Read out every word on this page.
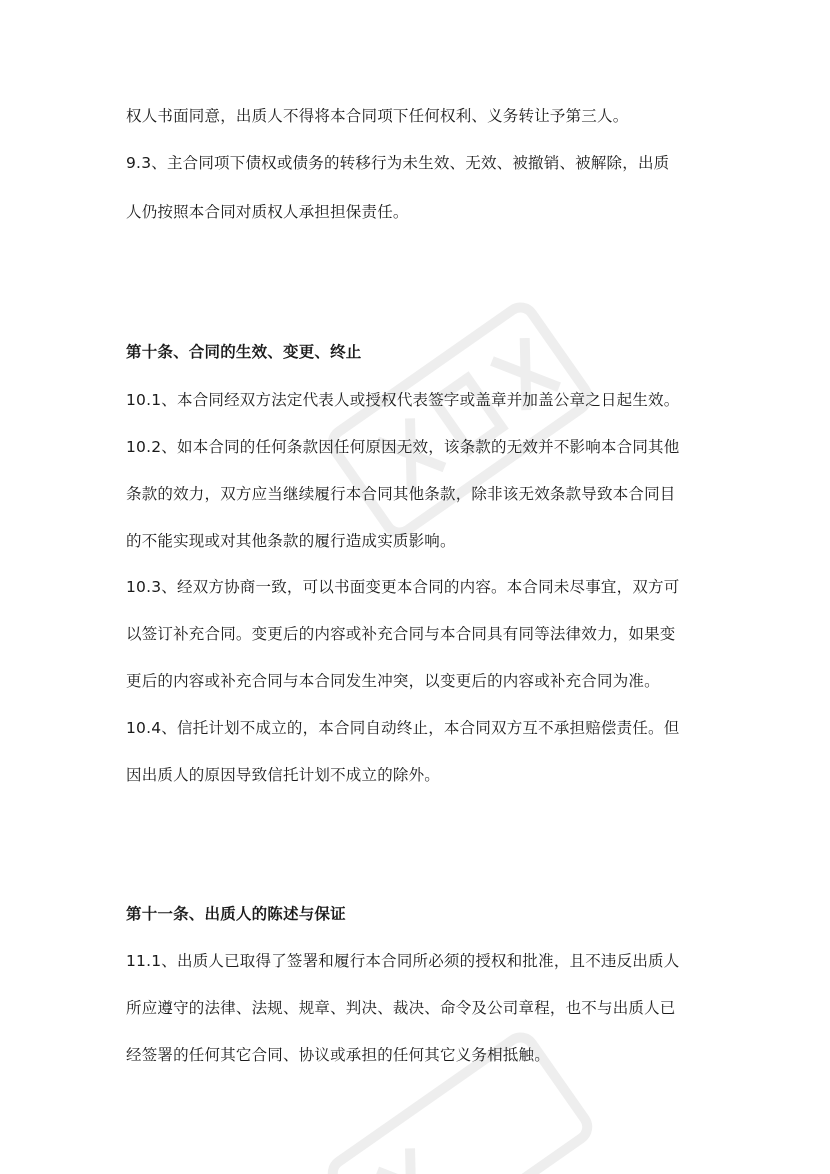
权人书面同意，出质人不得将本合同项下任何权利、义务转让予第三人。
9.3、主合同项下债权或债务的转移行为未生效、无效、被撤销、被解除，出质
人仍按照本合同对质权人承担担保责任。
第十条、合同的生效、变更、终止
10.1、本合同经双方法定代表人或授权代表签字或盖章并加盖公章之日起生效。
10.2、如本合同的任何条款因任何原因无效，该条款的无效并不影响本合同其他
条款的效力，双方应当继续履行本合同其他条款，除非该无效条款导致本合同目
的不能实现或对其他条款的履行造成实质影响。
10.3、经双方协商一致，可以书面变更本合同的内容。本合同未尽事宜，双方可
以签订补充合同。变更后的内容或补充合同与本合同具有同等法律效力，如果变
更后的内容或补充合同与本合同发生冲突，以变更后的内容或补充合同为准。
10.4、信托计划不成立的，本合同自动终止，本合同双方互不承担赔偿责任。但
因出质人的原因导致信托计划不成立的除外。
第十一条、出质人的陈述与保证
11.1、出质人已取得了签署和履行本合同所必须的授权和批准，且不违反出质人
所应遵守的法律、法规、规章、判决、裁决、命令及公司章程，也不与出质人已
经签署的任何其它合同、协议或承担的任何其它义务相抵触。
